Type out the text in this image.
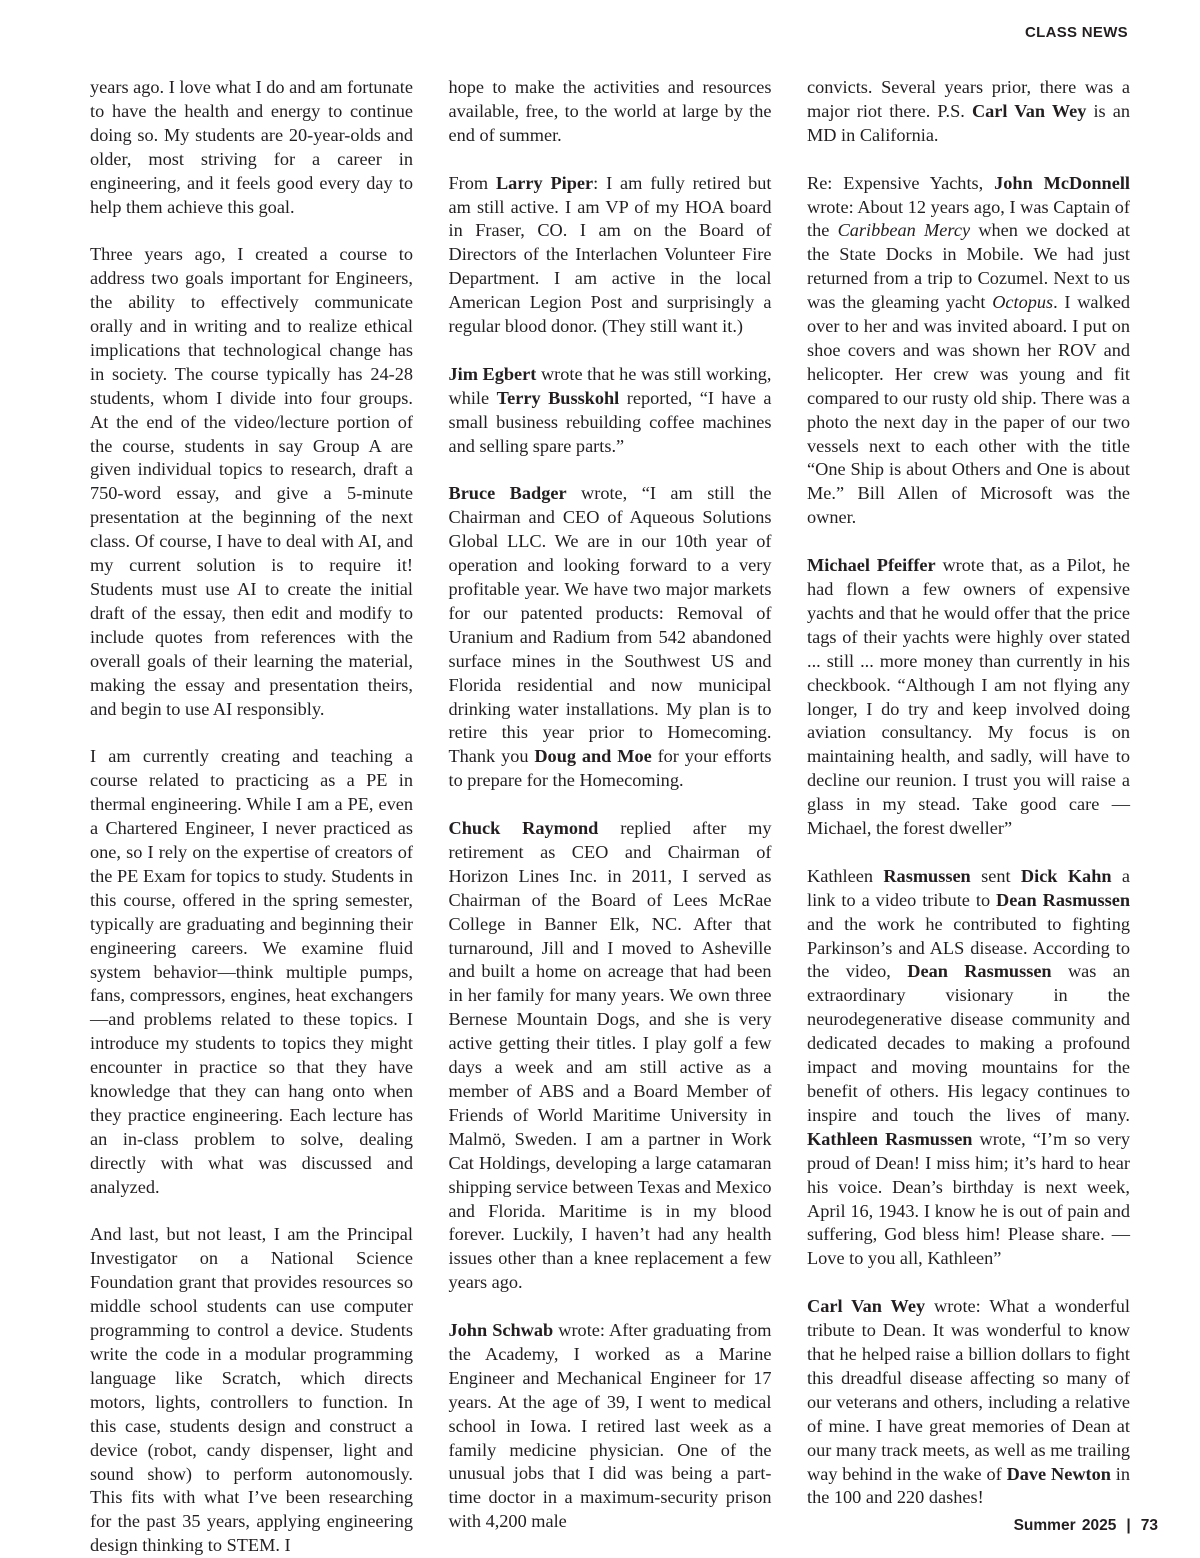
CLASS NEWS

years ago. I love what I do and am fortunate to have the health and energy to continue doing so. My students are 20-year-olds and older, most striving for a career in engineering, and it feels good every day to help them achieve this goal.

Three years ago, I created a course to address two goals important for Engineers, the ability to effectively communicate orally and in writing and to realize ethical implications that technological change has in society. The course typically has 24-28 students, whom I divide into four groups. At the end of the video/lecture portion of the course, students in say Group A are given individual topics to research, draft a 750-word essay, and give a 5-minute presentation at the beginning of the next class. Of course, I have to deal with AI, and my current solution is to require it! Students must use AI to create the initial draft of the essay, then edit and modify to include quotes from references with the overall goals of their learning the material, making the essay and presentation theirs, and begin to use AI responsibly.

I am currently creating and teaching a course related to practicing as a PE in thermal engineering. While I am a PE, even a Chartered Engineer, I never practiced as one, so I rely on the expertise of creators of the PE Exam for topics to study. Students in this course, offered in the spring semester, typically are graduating and beginning their engineering careers. We examine fluid system behavior—think multiple pumps, fans, compressors, engines, heat exchangers—and problems related to these topics. I introduce my students to topics they might encounter in practice so that they have knowledge that they can hang onto when they practice engineering. Each lecture has an in-class problem to solve, dealing directly with what was discussed and analyzed.

And last, but not least, I am the Principal Investigator on a National Science Foundation grant that provides resources so middle school students can use computer programming to control a device. Students write the code in a modular programming language like Scratch, which directs motors, lights, controllers to function. In this case, students design and construct a device (robot, candy dispenser, light and sound show) to perform autonomously. This fits with what I’ve been researching for the past 35 years, applying engineering design thinking to STEM. I

hope to make the activities and resources available, free, to the world at large by the end of summer.

From Larry Piper: I am fully retired but am still active. I am VP of my HOA board in Fraser, CO. I am on the Board of Directors of the Interlachen Volunteer Fire Department. I am active in the local American Legion Post and surprisingly a regular blood donor. (They still want it.)

Jim Egbert wrote that he was still working, while Terry Busskohl reported, “I have a small business rebuilding coffee machines and selling spare parts.”

Bruce Badger wrote, “I am still the Chairman and CEO of Aqueous Solutions Global LLC. We are in our 10th year of operation and looking forward to a very profitable year. We have two major markets for our patented products: Removal of Uranium and Radium from 542 abandoned surface mines in the Southwest US and Florida residential and now municipal drinking water installations. My plan is to retire this year prior to Homecoming. Thank you Doug and Moe for your efforts to prepare for the Homecoming.

Chuck Raymond replied after my retirement as CEO and Chairman of Horizon Lines Inc. in 2011, I served as Chairman of the Board of Lees McRae College in Banner Elk, NC. After that turnaround, Jill and I moved to Asheville and built a home on acreage that had been in her family for many years. We own three Bernese Mountain Dogs, and she is very active getting their titles. I play golf a few days a week and am still active as a member of ABS and a Board Member of Friends of World Maritime University in Malmö, Sweden. I am a partner in Work Cat Holdings, developing a large catamaran shipping service between Texas and Mexico and Florida. Maritime is in my blood forever. Luckily, I haven’t had any health issues other than a knee replacement a few years ago.

John Schwab wrote: After graduating from the Academy, I worked as a Marine Engineer and Mechanical Engineer for 17 years. At the age of 39, I went to medical school in Iowa. I retired last week as a family medicine physician. One of the unusual jobs that I did was being a part-time doctor in a maximum-security prison with 4,200 male

convicts. Several years prior, there was a major riot there. P.S. Carl Van Wey is an MD in California.

Re: Expensive Yachts, John McDonnell wrote: About 12 years ago, I was Captain of the Caribbean Mercy when we docked at the State Docks in Mobile. We had just returned from a trip to Cozumel. Next to us was the gleaming yacht Octopus. I walked over to her and was invited aboard. I put on shoe covers and was shown her ROV and helicopter. Her crew was young and fit compared to our rusty old ship. There was a photo the next day in the paper of our two vessels next to each other with the title “One Ship is about Others and One is about Me.” Bill Allen of Microsoft was the owner.

Michael Pfeiffer wrote that, as a Pilot, he had flown a few owners of expensive yachts and that he would offer that the price tags of their yachts were highly over stated ... still ... more money than currently in his checkbook. “Although I am not flying any longer, I do try and keep involved doing aviation consultancy. My focus is on maintaining health, and sadly, will have to decline our reunion. I trust you will raise a glass in my stead. Take good care —Michael, the forest dweller”

Kathleen Rasmussen sent Dick Kahn a link to a video tribute to Dean Rasmussen and the work he contributed to fighting Parkinson’s and ALS disease. According to the video, Dean Rasmussen was an extraordinary visionary in the neurodegenerative disease community and dedicated decades to making a profound impact and moving mountains for the benefit of others. His legacy continues to inspire and touch the lives of many. Kathleen Rasmussen wrote, “I’m so very proud of Dean! I miss him; it’s hard to hear his voice. Dean’s birthday is next week, April 16, 1943. I know he is out of pain and suffering, God bless him! Please share. —Love to you all, Kathleen”

Carl Van Wey wrote: What a wonderful tribute to Dean. It was wonderful to know that he helped raise a billion dollars to fight this dreadful disease affecting so many of our veterans and others, including a relative of mine. I have great memories of Dean at our many track meets, as well as me trailing way behind in the wake of Dave Newton in the 100 and 220 dashes!

Summer 2025 | 73
